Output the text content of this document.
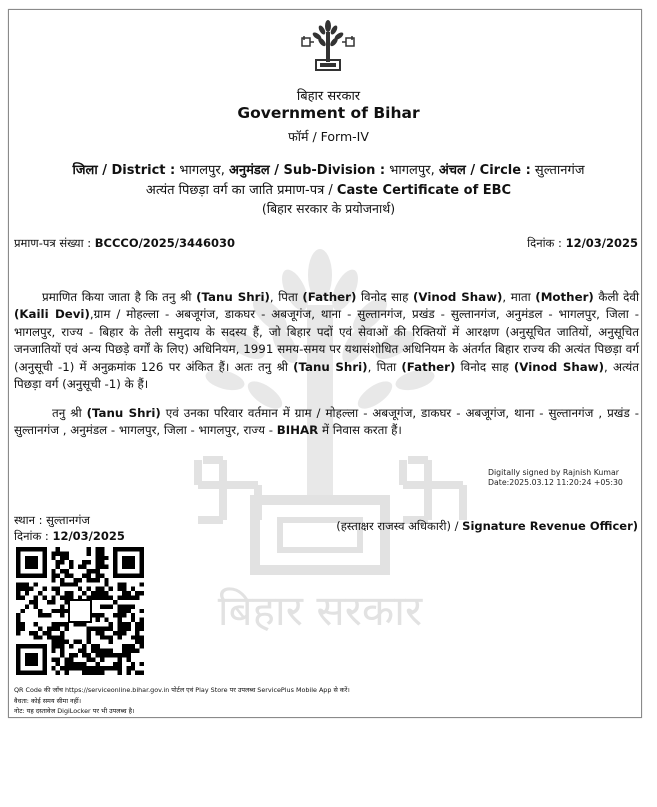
बिहार सरकार
बिहार सरकार
Government of Bihar
फॉर्म / Form-IV
जिला / District : भागलपुर, अनुमंडल / Sub-Division : भागलपुर, अंचल / Circle : सुल्तानगंज
अत्यंत पिछड़ा वर्ग का जाति प्रमाण-पत्र / Caste Certificate of EBC
(बिहार सरकार के प्रयोजनार्थ)
प्रमाण-पत्र संख्या : BCCCO/2025/3446030	दिनांक : 12/03/2025
प्रमाणित किया जाता है कि तनु श्री (Tanu Shri), पिता (Father) विनोद साह (Vinod Shaw), माता (Mother) कैली देवी (Kaili Devi),ग्राम / मोहल्ला - अबजूगंज, डाकघर - अबजूगंज, थाना - सुल्तानगंज, प्रखंड - सुल्तानगंज, अनुमंडल - भागलपुर, जिला - भागलपुर, राज्य - बिहार के तेली समुदाय के सदस्य हैं, जो बिहार पदों एवं सेवाओं की रिक्तियों में आरक्षण (अनुसूचित जातियों, अनुसूचित जनजातियों एवं अन्य पिछड़े वर्गों के लिए) अधिनियम, 1991 समय-समय पर यथासंशोधित अधिनियम के अंतर्गत बिहार राज्य की अत्यंत पिछड़ा वर्ग (अनुसूची -1) में अनुक्रमांक 126 पर अंकित हैं। अतः तनु श्री (Tanu Shri), पिता (Father) विनोद साह (Vinod Shaw), अत्यंत पिछड़ा वर्ग (अनुसूची -1) के हैं।
तनु श्री (Tanu Shri) एवं उनका परिवार वर्तमान में ग्राम / मोहल्ला - अबजूगंज, डाकघर - अबजूगंज, थाना - सुल्तानगंज , प्रखंड - सुल्तानगंज , अनुमंडल - भागलपुर, जिला - भागलपुर, राज्य - BIHAR में निवास करता हैं।
Digitally signed by Rajnish Kumar
Date:2025.03.12 11:20:24 +05:30
स्थान : सुल्तानगंज
दिनांक : 12/03/2025
(हस्ताक्षर राजस्व अधिकारी) / Signature Revenue Officer)
QR Code की जाँच https://serviceonline.bihar.gov.in पोर्टल एवं Play Store पर उपलब्ध ServicePlus Mobile App से करें।
वैधता: कोई समय सीमा नहीं।
नोट: यह दस्तावेज DigiLocker पर भी उपलब्ध है।
